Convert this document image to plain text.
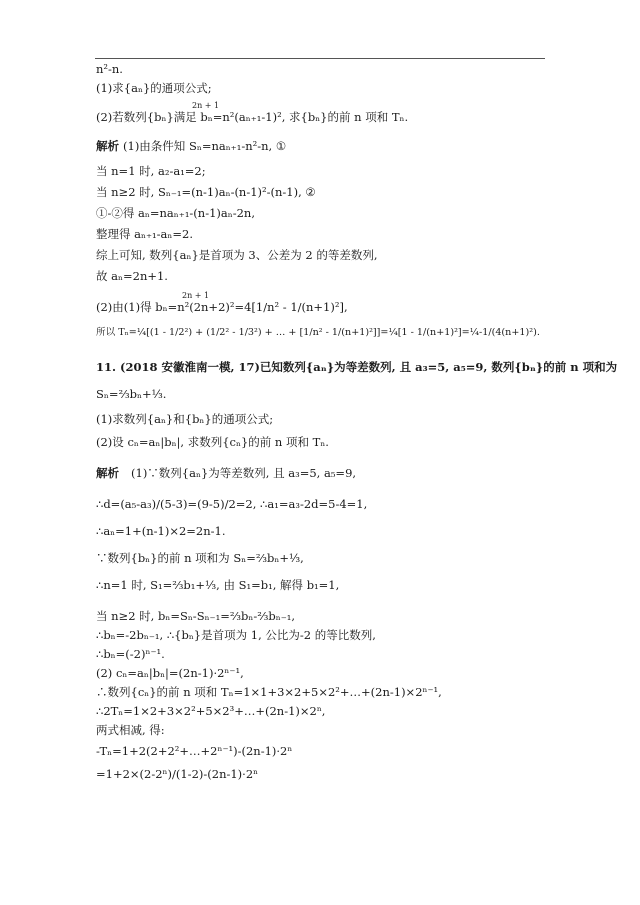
n²-n.
(1)求{aₙ}的通项公式;
2n + 1
(2)若数列{bₙ}满足 bₙ=n²(aₙ₊₁-1)², 求{bₙ}的前 n 项和 Tₙ.
解析 (1)由条件知 Sₙ=naₙ₊₁-n²-n, ①
当 n=1 时, a₂-a₁=2;
当 n≥2 时, Sₙ₋₁=(n-1)aₙ-(n-1)²-(n-1), ②
①-②得 aₙ=naₙ₊₁-(n-1)aₙ-2n,
整理得 aₙ₊₁-aₙ=2.
综上可知, 数列{aₙ}是首项为 3、公差为 2 的等差数列,
故 aₙ=2n+1.
2n + 1
(2)由(1)得 bₙ=n²(2n+2)²=4[1/n² - 1/(n+1)²],
所以 Tₙ=¼[(1 - 1/2²) + (1/2² - 1/3²) + … + [1/n² - 1/(n+1)²]]=¼[1 - 1/(n+1)²]=¼-1/(4(n+1)²).
11. (2018 安徽淮南一模, 17)已知数列{aₙ}为等差数列, 且 a₃=5, a₅=9, 数列{bₙ}的前 n 项和为
Sₙ=⅔bₙ+⅓.
(1)求数列{aₙ}和{bₙ}的通项公式;
(2)设 cₙ=aₙ|bₙ|, 求数列{cₙ}的前 n 项和 Tₙ.
解析 (1)∵数列{aₙ}为等差数列, 且 a₃=5, a₅=9,
∴d=(a₅-a₃)/(5-3)=(9-5)/2=2, ∴a₁=a₃-2d=5-4=1,
∴aₙ=1+(n-1)×2=2n-1.
∵数列{bₙ}的前 n 项和为 Sₙ=⅔bₙ+⅓,
∴n=1 时, S₁=⅔b₁+⅓, 由 S₁=b₁, 解得 b₁=1,
当 n≥2 时, bₙ=Sₙ-Sₙ₋₁=⅔bₙ-⅔bₙ₋₁,
∴bₙ=-2bₙ₋₁, ∴{bₙ}是首项为 1, 公比为-2 的等比数列,
∴bₙ=(-2)ⁿ⁻¹.
(2) cₙ=aₙ|bₙ|=(2n-1)·2ⁿ⁻¹,
∴数列{cₙ}的前 n 项和 Tₙ=1×1+3×2+5×2²+…+(2n-1)×2ⁿ⁻¹,
∴2Tₙ=1×2+3×2²+5×2³+…+(2n-1)×2ⁿ,
两式相减, 得:
-Tₙ=1+2(2+2²+…+2ⁿ⁻¹)-(2n-1)·2ⁿ
=1+2×(2-2ⁿ)/(1-2)-(2n-1)·2ⁿ
